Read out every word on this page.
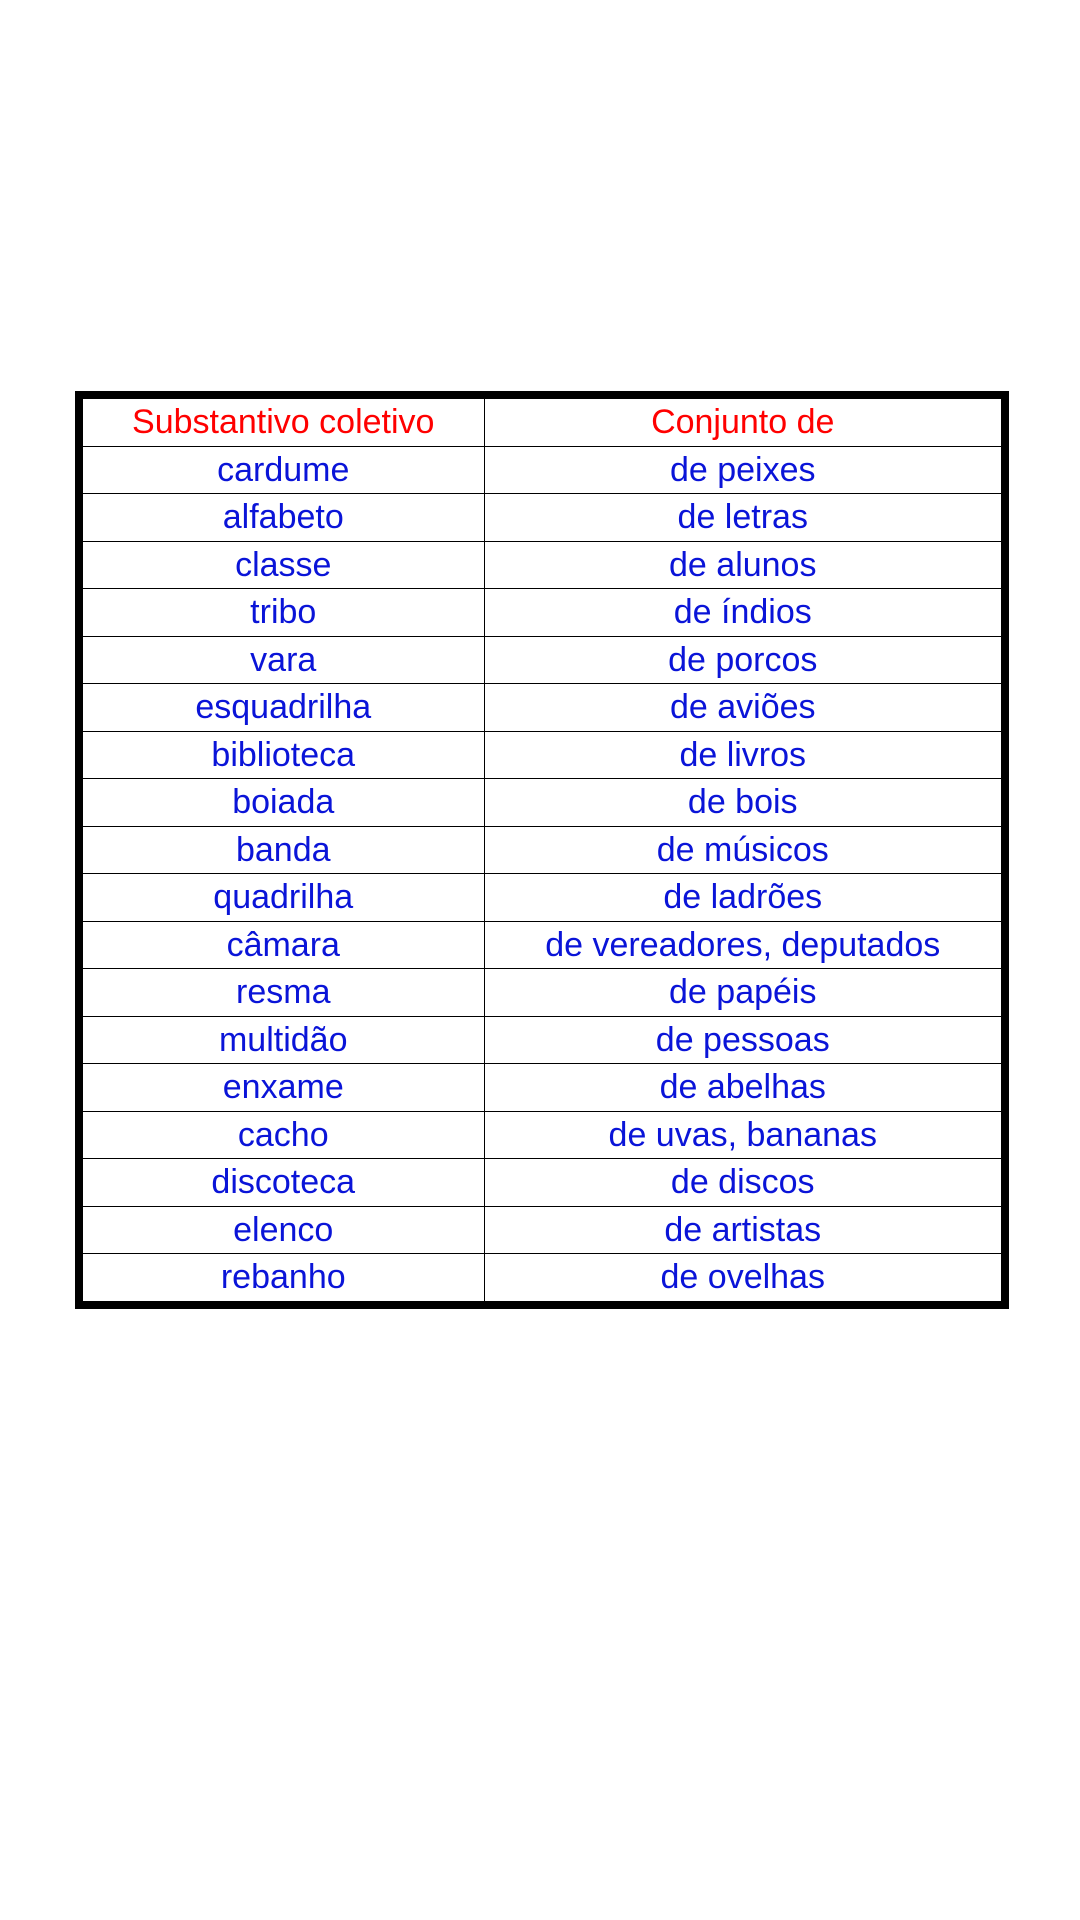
Substantivo coletivo	Conjunto de
cardume	de peixes
alfabeto	de letras
classe	de alunos
tribo	de índios
vara	de porcos
esquadrilha	de aviões
biblioteca	de livros
boiada	de bois
banda	de músicos
quadrilha	de ladrões
câmara	de vereadores, deputados
resma	de papéis
multidão	de pessoas
enxame	de abelhas
cacho	de uvas, bananas
discoteca	de discos
elenco	de artistas
rebanho	de ovelhas
